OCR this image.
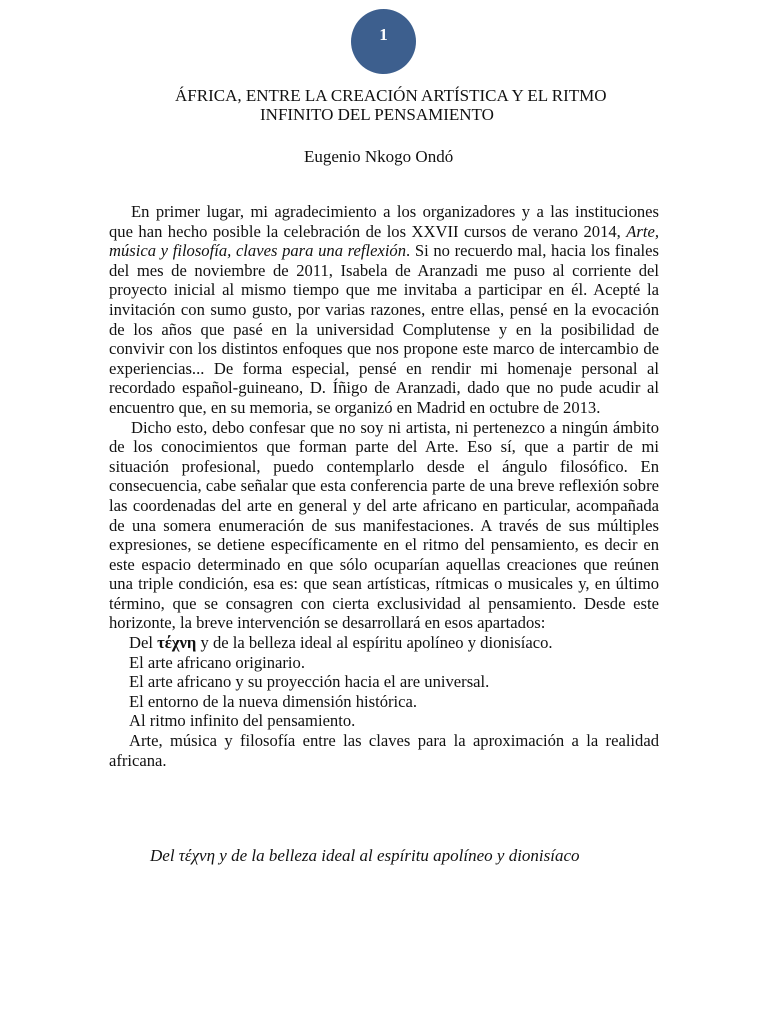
1
ÁFRICA, ENTRE LA CREACIÓN ARTÍSTICA Y EL RITMO
INFINITO DEL PENSAMIENTO
Eugenio Nkogo Ondó

En primer lugar, mi agradecimiento a los organizadores y a las instituciones que han hecho posible la celebración de los XXVII cursos de verano 2014, Arte, música y filosofía, claves para una reflexión. Si no recuerdo mal, hacia los finales del mes de noviembre de 2011, Isabela de Aranzadi me puso al corriente del proyecto inicial al mismo tiempo que me invitaba a participar en él. Acepté la invitación con sumo gusto, por varias razones, entre ellas, pensé en la evocación de los años que pasé en la universidad Complutense y en la posibilidad de convivir con los distintos enfoques que nos propone este marco de intercambio de experiencias... De forma especial, pensé en rendir mi homenaje personal al recordado español-guineano, D. Íñigo de Aranzadi, dado que no pude acudir al encuentro que, en su memoria, se organizó en Madrid en octubre de 2013.

Dicho esto, debo confesar que no soy ni artista, ni pertenezco a ningún ámbito de los conocimientos que forman parte del Arte. Eso sí, que a partir de mi situación profesional, puedo contemplarlo desde el ángulo filosófico. En consecuencia, cabe señalar que esta conferencia parte de una breve reflexión sobre las coordenadas del arte en general y del arte africano en particular, acompañada de una somera enumeración de sus manifestaciones. A través de sus múltiples expresiones, se detiene específicamente en el ritmo del pensamiento, es decir en este espacio determinado en que sólo ocuparían aquellas creaciones que reúnen una triple condición, esa es: que sean artísticas, rítmicas o musicales y, en último término, que se consagren con cierta exclusividad al pensamiento. Desde este horizonte, la breve intervención se desarrollará en esos apartados:

Del τέχνη y de la belleza ideal al espíritu apolíneo y dionisíaco.
El arte africano originario.
El arte africano y su proyección hacia el are universal.
El entorno de la nueva dimensión histórica.
Al ritmo infinito del pensamiento.
Arte, música y filosofía entre las claves para la aproximación a la realidad africana.
Del τέχνη y de la belleza ideal al espíritu apolíneo y dionisíaco
